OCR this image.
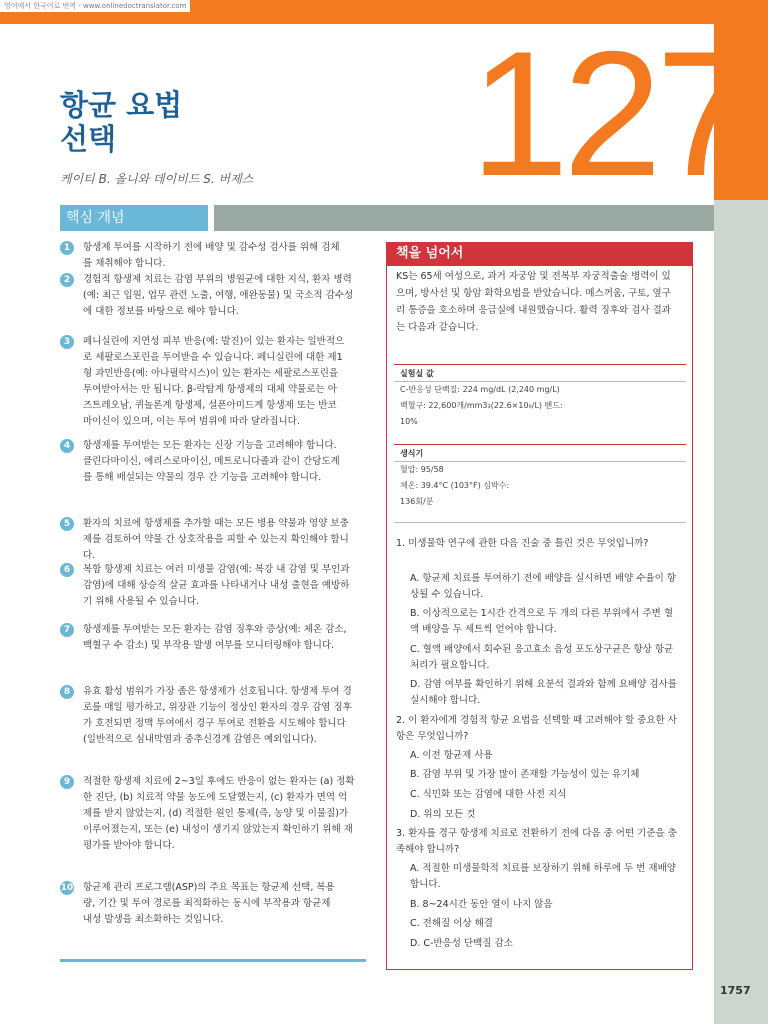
영어에서 한국어로 번역 - www.onlinedoctranslator.com
127
항균 요법
선택
케이티 B. 올니와 데이비드 S. 버제스
핵심 개념
1	항생제 투여를 시작하기 전에 배양 및 감수성 검사를 위해 검체
를 채취해야 합니다.
2	경험적 항생제 치료는 감염 부위의 병원균에 대한 지식, 환자 병력
(예: 최근 입원, 업무 관련 노출, 여행, 애완동물) 및 국소적 감수성
에 대한 정보를 바탕으로 해야 합니다.
3	페니실린에 지연성 피부 반응(예: 발진)이 있는 환자는 일반적으
로 세팔로스포린을 투여받을 수 있습니다. 페니실린에 대한 제1
형 과민반응(예: 아나필락시스)이 있는 환자는 세팔로스포린을
투여받아서는 안 됩니다. β-락탐계 항생제의 대체 약물로는 아
즈트레오남, 퀴놀론계 항생제, 설폰아미드계 항생제 또는 반코
마이신이 있으며, 이는 투여 범위에 따라 달라집니다.
4	항생제를 투여받는 모든 환자는 신장 기능을 고려해야 합니다.
클린다마이신, 에리스로마이신, 메트로니다졸과 같이 간담도계
를 통해 배설되는 약물의 경우 간 기능을 고려해야 합니다.
5	환자의 치료에 항생제를 추가할 때는 모든 병용 약물과 영양 보충
제를 검토하여 약물 간 상호작용을 피할 수 있는지 확인해야 합니
다.
6	복합 항생제 치료는 여러 미생물 감염(예: 복강 내 감염 및 부인과
감염)에 대해 상승적 살균 효과를 나타내거나 내성 출현을 예방하
기 위해 사용될 수 있습니다.
7	항생제를 투여받는 모든 환자는 감염 징후와 증상(예: 체온 감소,
백혈구 수 감소) 및 부작용 발생 여부를 모니터링해야 합니다.
8	유효 활성 범위가 가장 좁은 항생제가 선호됩니다. 항생제 투여 경
로를 매일 평가하고, 위장관 기능이 정상인 환자의 경우 감염 징후
가 호전되면 정맥 투여에서 경구 투여로 전환을 시도해야 합니다
(일반적으로 심내막염과 중추신경계 감염은 예외입니다).
9	적절한 항생제 치료에 2~3일 후에도 반응이 없는 환자는 (a) 정확
한 진단, (b) 치료적 약물 농도에 도달했는지, (c) 환자가 면역 억
제를 받지 않았는지, (d) 적절한 원인 통제(즉, 농양 및 이물질)가
이루어졌는지, 또는 (e) 내성이 생기지 않았는지 확인하기 위해 재
평가를 받아야 합니다.
10 항균제 관리 프로그램(ASP)의 주요 목표는 항균제 선택, 복용
량, 기간 및 투여 경로를 최적화하는 동시에 부작용과 항균제
내성 발생을 최소화하는 것입니다.
책을 넘어서
KS는 65세 여성으로, 과거 자궁암 및 전복부 자궁적출술 병력이 있
으며, 방사선 및 항암 화학요법을 받았습니다. 메스꺼움, 구토, 옆구
리 통증을 호소하며 응급실에 내원했습니다. 활력 징후와 검사 결과
는 다음과 같습니다.
실험실 값
C-반응성 단백질: 224 mg/dL (2,240 mg/L)
백혈구: 22,600개/mm3₃(22.6×10₉/L) 밴드:
10%
생식기
혈압: 95/58
체온: 39.4°C (103°F) 심박수:
136회/분
1. 미생물학 연구에 관한 다음 진술 중 틀린 것은 무엇입니까?
A. 항균제 치료를 투여하기 전에 배양을 실시하면 배양 수율이 향
상될 수 있습니다.
B. 이상적으로는 1시간 간격으로 두 개의 다른 부위에서 주변 혈
액 배양을 두 세트씩 얻어야 합니다.
C. 혈액 배양에서 회수된 응고효소 음성 포도상구균은 항상 항균
처리가 필요합니다.
D. 감염 여부를 확인하기 위해 요분석 결과와 함께 요배양 검사를
실시해야 합니다.
2. 이 환자에게 경험적 항균 요법을 선택할 때 고려해야 할 중요한 사
항은 무엇입니까?
A. 이전 항균제 사용
B. 감염 부위 및 가장 많이 존재할 가능성이 있는 유기체
C. 식민화 또는 감염에 대한 사전 지식
D. 위의 모든 것
3. 환자를 경구 항생제 치료로 전환하기 전에 다음 중 어떤 기준을 충
족해야 합니까?
A. 적절한 미생물학적 치료를 보장하기 위해 하루에 두 번 재배양
합니다.
B. 8~24시간 동안 열이 나지 않음
C. 전해질 이상 해결
D. C-반응성 단백질 감소
1757
